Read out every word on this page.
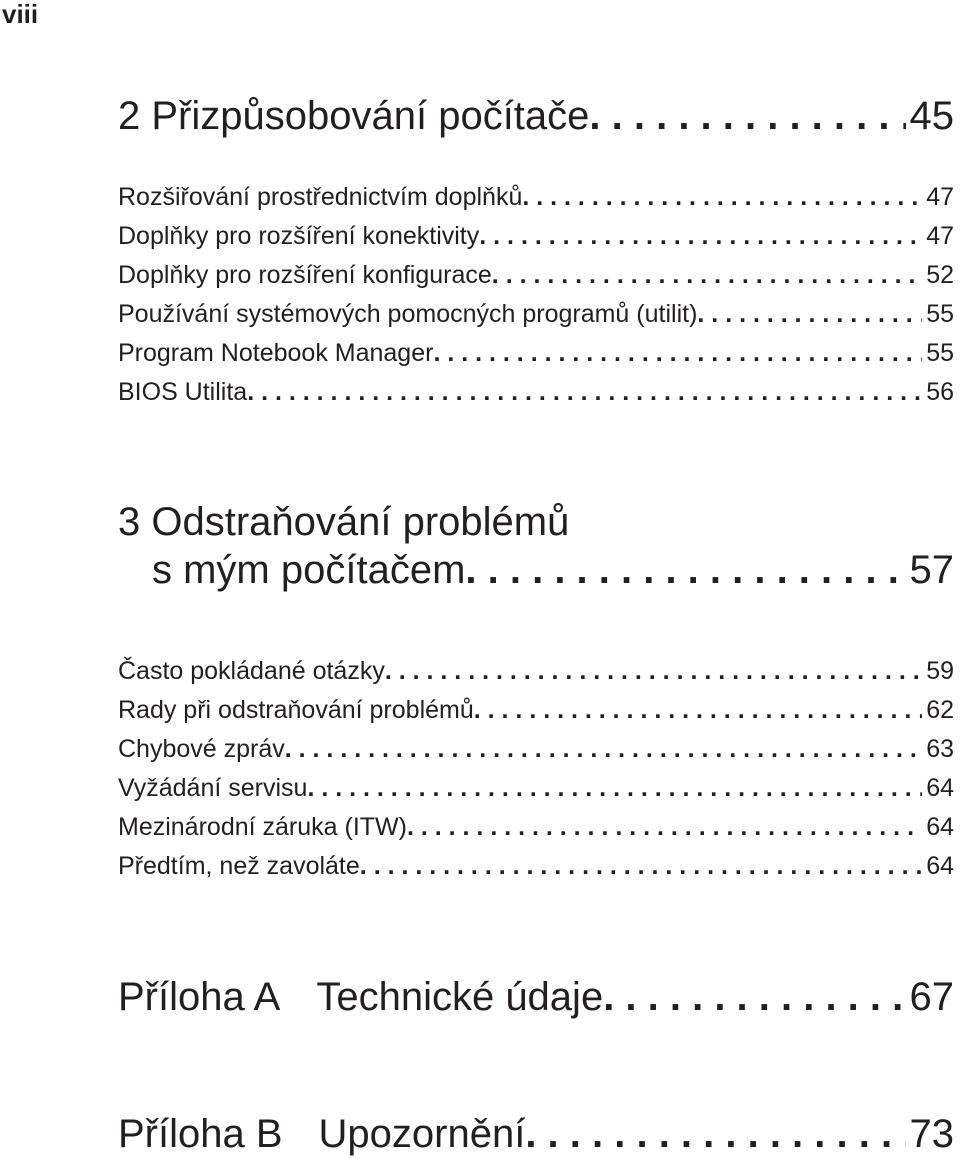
viii
2 Přizpůsobování počítače . . .	45
Rozšiřování prostřednictvím doplňků . . .	47
Doplňky pro rozšíření konektivity . . .	47
Doplňky pro rozšíření konfigurace . . .	52
Používání systémových pomocných programů (utilit) . . .	55
Program Notebook Manager . . .	55
BIOS Utilita . . .	56
3 Odstraňování problémů
s mým počítačem . . .	57
Často pokládané otázky . . .	59
Rady při odstraňování problémů . . .	62
Chybové zpráv . . .	63
Vyžádání servisu . . .	64
Mezinárodní záruka (ITW) . . .	64
Předtím, než zavoláte . . .	64
Příloha A Technické údaje . . .	67
Příloha B Upozornění . . .	73
